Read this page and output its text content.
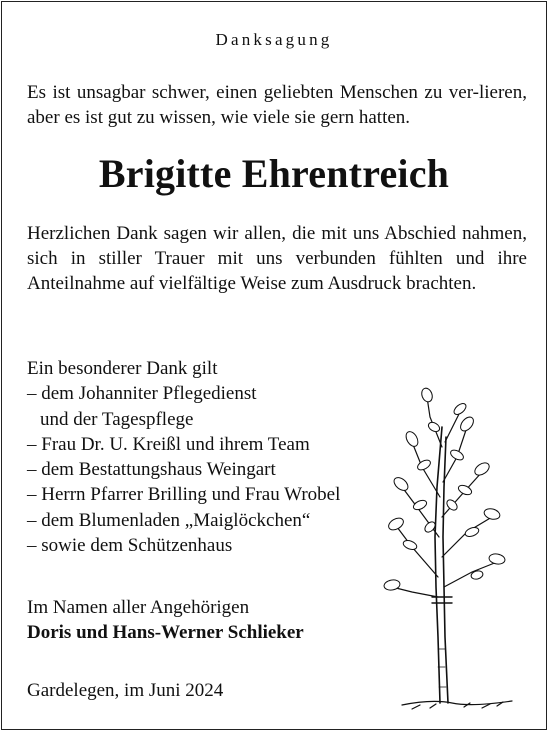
Danksagung
Es ist unsagbar schwer, einen geliebten Menschen zu ver-lieren, aber es ist gut zu wissen, wie viele sie gern hatten.
Brigitte Ehrentreich
Herzlichen Dank sagen wir allen, die mit uns Abschied nahmen, sich in stiller Trauer mit uns verbunden fühlten und ihre Anteilnahme auf vielfältige Weise zum Ausdruck brachten.
Ein besonderer Dank gilt
– dem Johanniter Pflegedienst
und der Tagespflege
– Frau Dr. U. Kreißl und ihrem Team
– dem Bestattungshaus Weingart
– Herrn Pfarrer Brilling und Frau Wrobel
– dem Blumenladen „Maiglöckchen“
– sowie dem Schützenhaus
Im Namen aller Angehörigen
Doris und Hans-Werner Schlieker
Gardelegen, im Juni 2024
